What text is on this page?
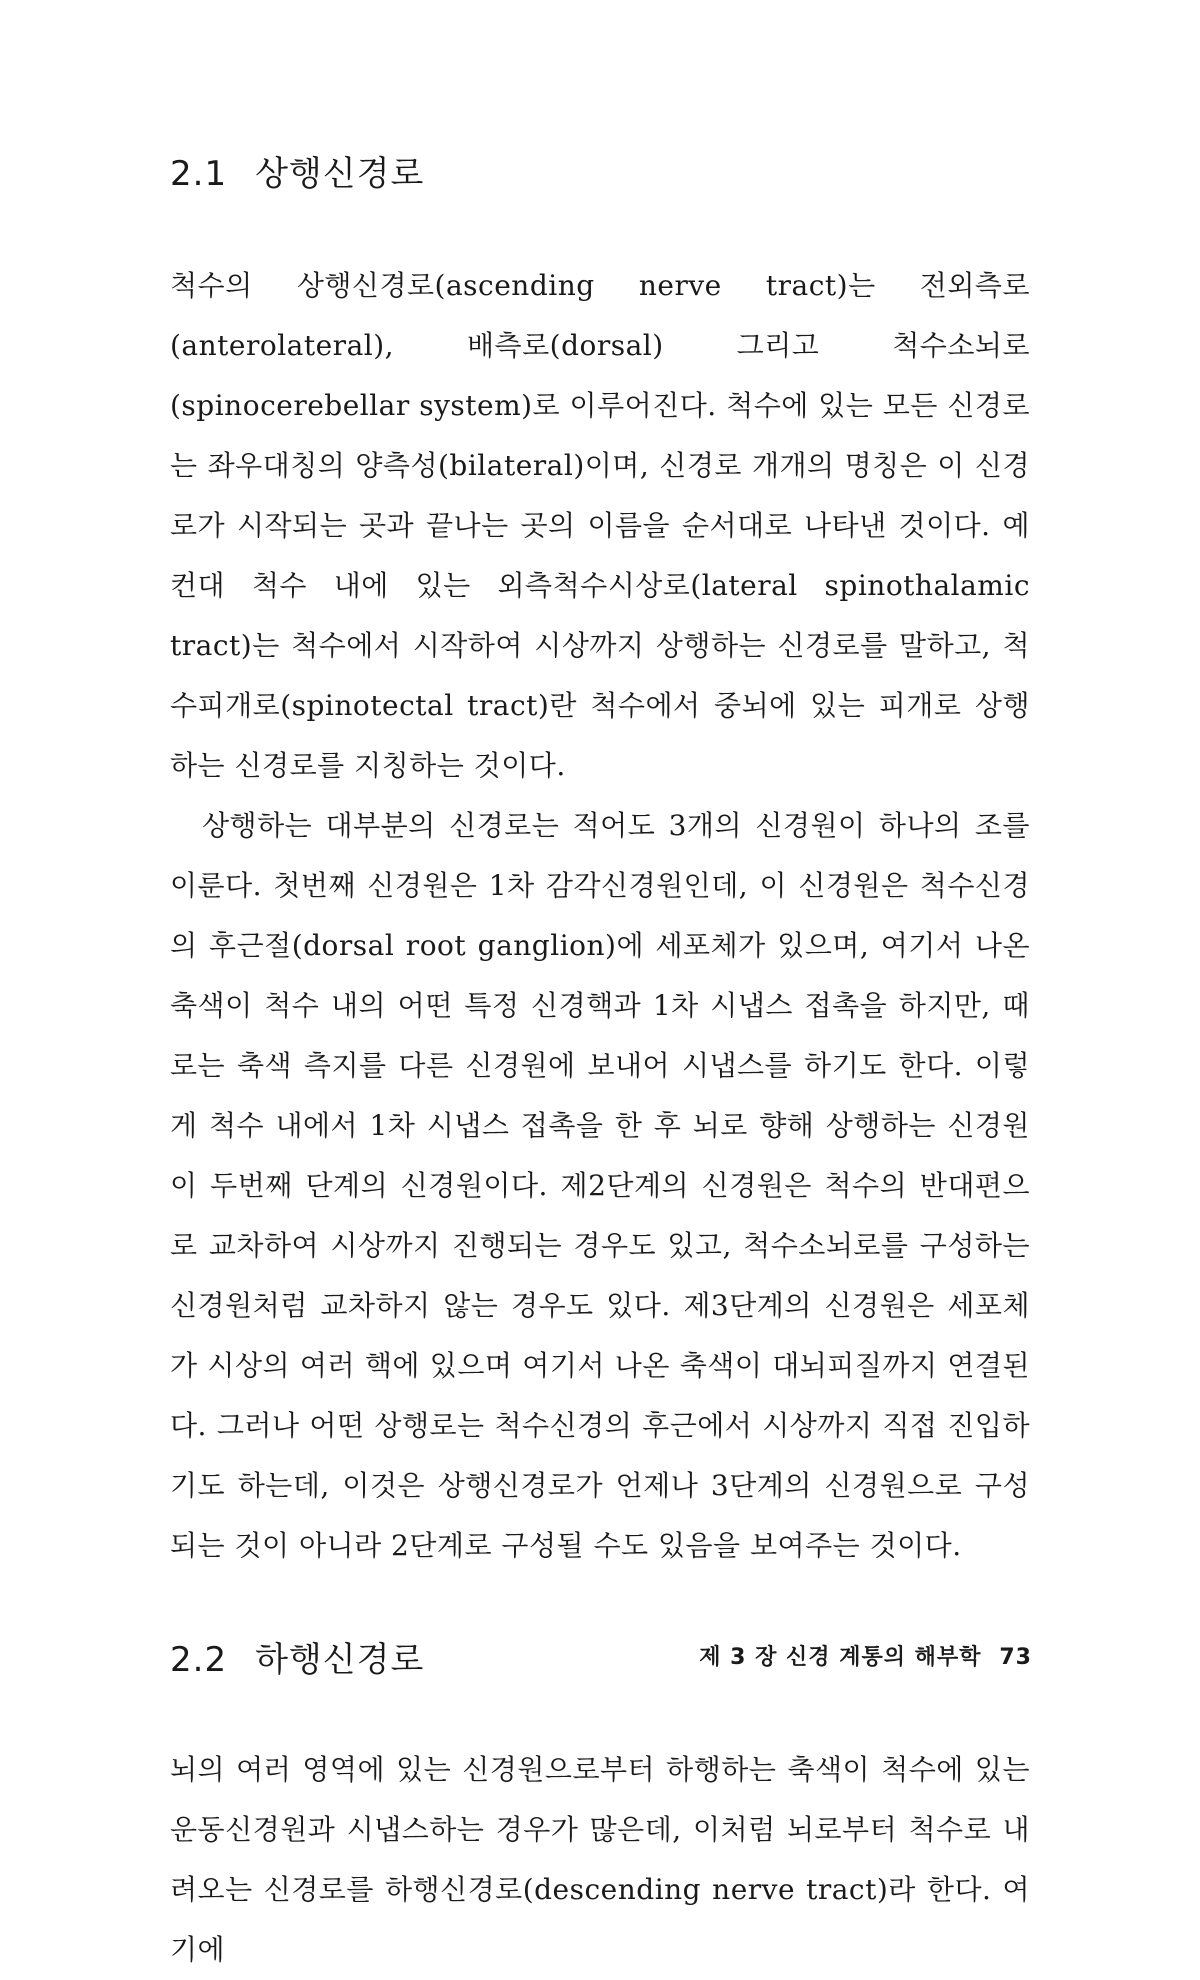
2.1 상행신경로

척수의 상행신경로(ascending nerve tract)는 전외측로(anterolateral), 배측로(dorsal) 그리고 척수소뇌로(spinocerebellar system)로 이루어진다. 척수에 있는 모든 신경로는 좌우대칭의 양측성(bilateral)이며, 신경로 개개의 명칭은 이 신경로가 시작되는 곳과 끝나는 곳의 이름을 순서대로 나타낸 것이다. 예컨대 척수 내에 있는 외측척수시상로(lateral spinothalamic tract)는 척수에서 시작하여 시상까지 상행하는 신경로를 말하고, 척수피개로(spinotectal tract)란 척수에서 중뇌에 있는 피개로 상행하는 신경로를 지칭하는 것이다.

상행하는 대부분의 신경로는 적어도 3개의 신경원이 하나의 조를 이룬다. 첫번째 신경원은 1차 감각신경원인데, 이 신경원은 척수신경의 후근절(dorsal root ganglion)에 세포체가 있으며, 여기서 나온 축색이 척수 내의 어떤 특정 신경핵과 1차 시냅스 접촉을 하지만, 때로는 축색 측지를 다른 신경원에 보내어 시냅스를 하기도 한다. 이렇게 척수 내에서 1차 시냅스 접촉을 한 후 뇌로 향해 상행하는 신경원이 두번째 단계의 신경원이다. 제2단계의 신경원은 척수의 반대편으로 교차하여 시상까지 진행되는 경우도 있고, 척수소뇌로를 구성하는 신경원처럼 교차하지 않는 경우도 있다. 제3단계의 신경원은 세포체가 시상의 여러 핵에 있으며 여기서 나온 축색이 대뇌피질까지 연결된다. 그러나 어떤 상행로는 척수신경의 후근에서 시상까지 직접 진입하기도 하는데, 이것은 상행신경로가 언제나 3단계의 신경원으로 구성되는 것이 아니라 2단계로 구성될 수도 있음을 보여주는 것이다.

2.2 하행신경로

뇌의 여러 영역에 있는 신경원으로부터 하행하는 축색이 척수에 있는 운동신경원과 시냅스하는 경우가 많은데, 이처럼 뇌로부터 척수로 내려오는 신경로를 하행신경로(descending nerve tract)라 한다. 여기에

제 3 장 신경 계통의 해부학 73
